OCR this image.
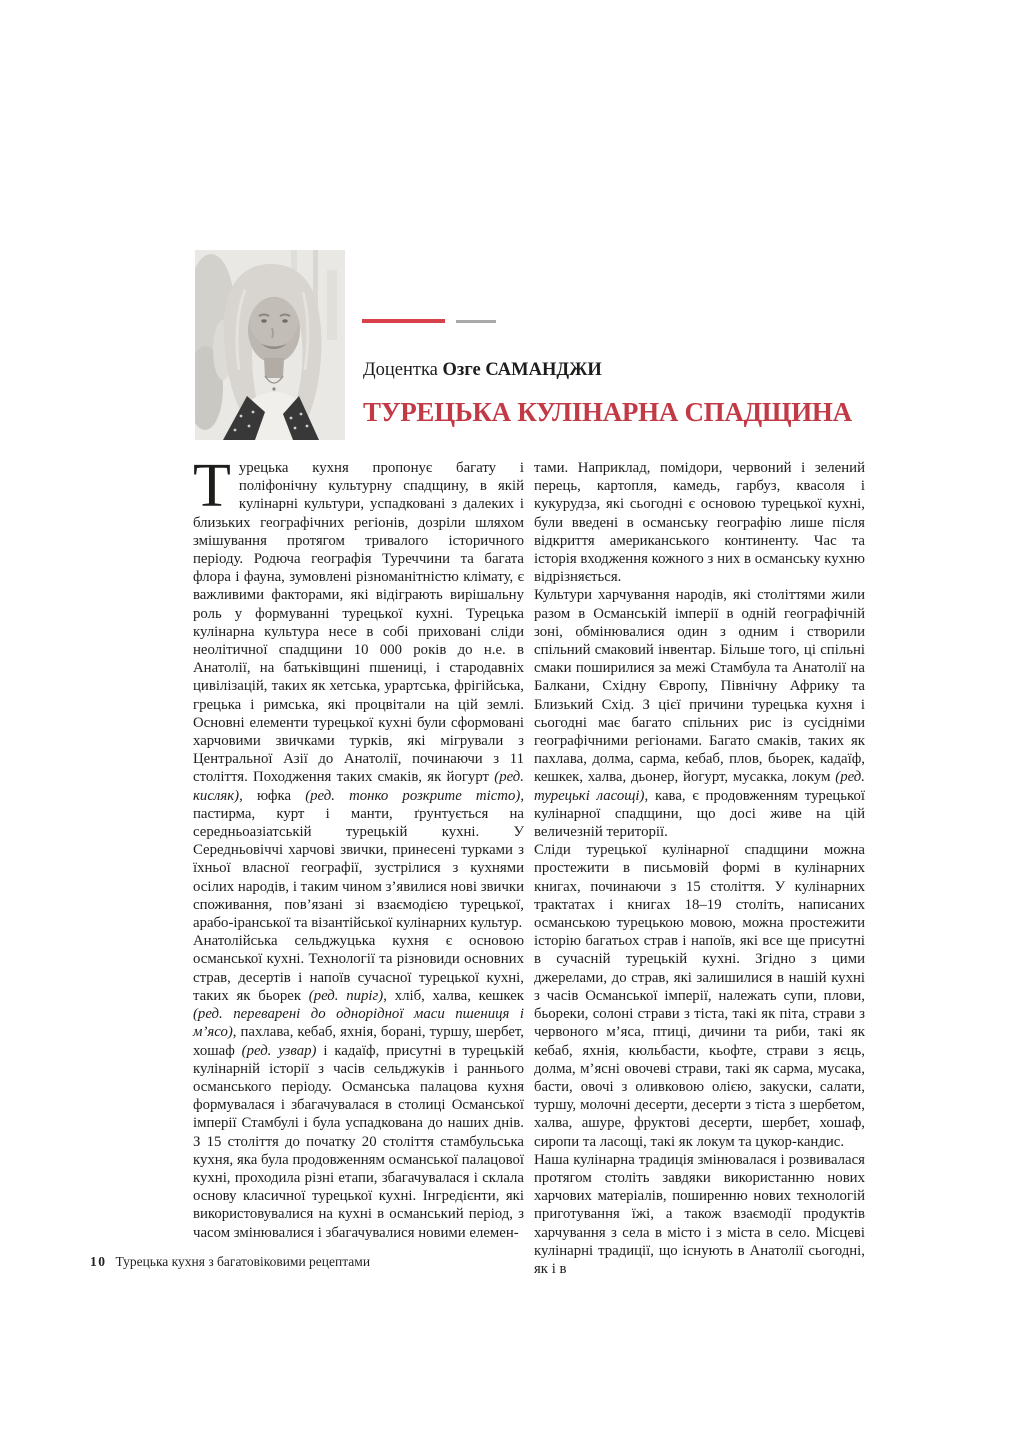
Доцентка Озге САМАНДЖИ
ТУРЕЦЬКА КУЛІНАРНА СПАДЩИНА

Турецька кухня пропонує багату і поліфонічну культурну спадщину, в якій кулінарні культури, успадковані з далеких і близьких географічних регіонів, дозріли шляхом змішування протягом тривалого історичного періоду. Родюча географія Туреччини та багата флора і фауна, зумовлені різноманітністю клімату, є важливими факторами, які відіграють вирішальну роль у формуванні турецької кухні. Турецька кулінарна культура несе в собі приховані сліди неолітичної спадщини 10 000 років до н.е. в Анатолії, на батьківщині пшениці, і стародавніх цивілізацій, таких як хетська, урартська, фрігійська, грецька і римська, які процвітали на цій землі. Основні елементи турецької кухні були сформовані харчовими звичками турків, які мігрували з Центральної Азії до Анатолії, починаючи з 11 століття. Походження таких смаків, як йогурт (ред. кисляк), юфка (ред. тонко розкрите тісто), пастирма, курт і манти, ґрунтується на середньоазіатській турецькій кухні. У Середньовіччі харчові звички, принесені турками з їхньої власної географії, зустрілися з кухнями осілих народів, і таким чином з’явилися нові звички споживання, пов’язані зі взаємодією турецької, арабо-іранської та візантійської кулінарних культур.

Анатолійська сельджуцька кухня є основою османської кухні. Технології та різновиди основних страв, десертів і напоїв сучасної турецької кухні, таких як бьорек (ред. пиріг), хліб, халва, кешкек (ред. переварені до однорідної маси пшениця і м’ясо), пахлава, кебаб, яхнія, борані, туршу, шербет, хошаф (ред. узвар) і кадаїф, присутні в турецькій кулінарній історії з часів сельджуків і раннього османського періоду. Османська палацова кухня формувалася і збагачувалася в столиці Османської імперії Стамбулі і була успадкована до наших днів. З 15 століття до початку 20 століття стамбульська кухня, яка була продовженням османської палацової кухні, проходила різні етапи, збагачувалася і склала основу класичної турецької кухні. Інгредієнти, які використовувалися на кухні в османський період, з часом змінювалися і збагачувалися новими елемен-

тами. Наприклад, помідори, червоний і зелений перець, картопля, камедь, гарбуз, квасоля і кукурудза, які сьогодні є основою турецької кухні, були введені в османську географію лише після відкриття американського континенту. Час та історія входження кожного з них в османську кухню відрізняється.

Культури харчування народів, які століттями жили разом в Османській імперії в одній географічній зоні, обмінювалися один з одним і створили спільний смаковий інвентар. Більше того, ці спільні смаки поширилися за межі Стамбула та Анатолії на Балкани, Східну Європу, Північну Африку та Близький Схід. З цієї причини турецька кухня і сьогодні має багато спільних рис із сусідніми географічними регіонами. Багато смаків, таких як пахлава, долма, сарма, кебаб, плов, бьорек, кадаїф, кешкек, халва, дьонер, йогурт, мусакка, локум (ред. турецькі ласощі), кава, є продовженням турецької кулінарної спадщини, що досі живе на цій величезній території.

Сліди турецької кулінарної спадщини можна простежити в письмовій формі в кулінарних книгах, починаючи з 15 століття. У кулінарних трактатах і книгах 18–19 століть, написаних османською турецькою мовою, можна простежити історію багатьох страв і напоїв, які все ще присутні в сучасній турецькій кухні. Згідно з цими джерелами, до страв, які залишилися в нашій кухні з часів Османської імперії, належать супи, плови, бьореки, солоні страви з тіста, такі як піта, страви з червоного м’яса, птиці, дичини та риби, такі як кебаб, яхнія, кюльбасти, кьофте, страви з яєць, долма, м’ясні овочеві страви, такі як сарма, мусака, басти, овочі з оливковою олією, закуски, салати, туршу, молочні десерти, десерти з тіста з шербетом, халва, ашуре, фруктові десерти, шербет, хошаф, сиропи та ласощі, такі як локум та цукор-кандис.

Наша кулінарна традиція змінювалася і розвивалася протягом століть завдяки використанню нових харчових матеріалів, поширенню нових технологій приготування їжі, а також взаємодії продуктів харчування з села в місто і з міста в село. Місцеві кулінарні традиції, що існують в Анатолії сьогодні, як і в

10 Турецька кухня з багатовіковими рецептами
